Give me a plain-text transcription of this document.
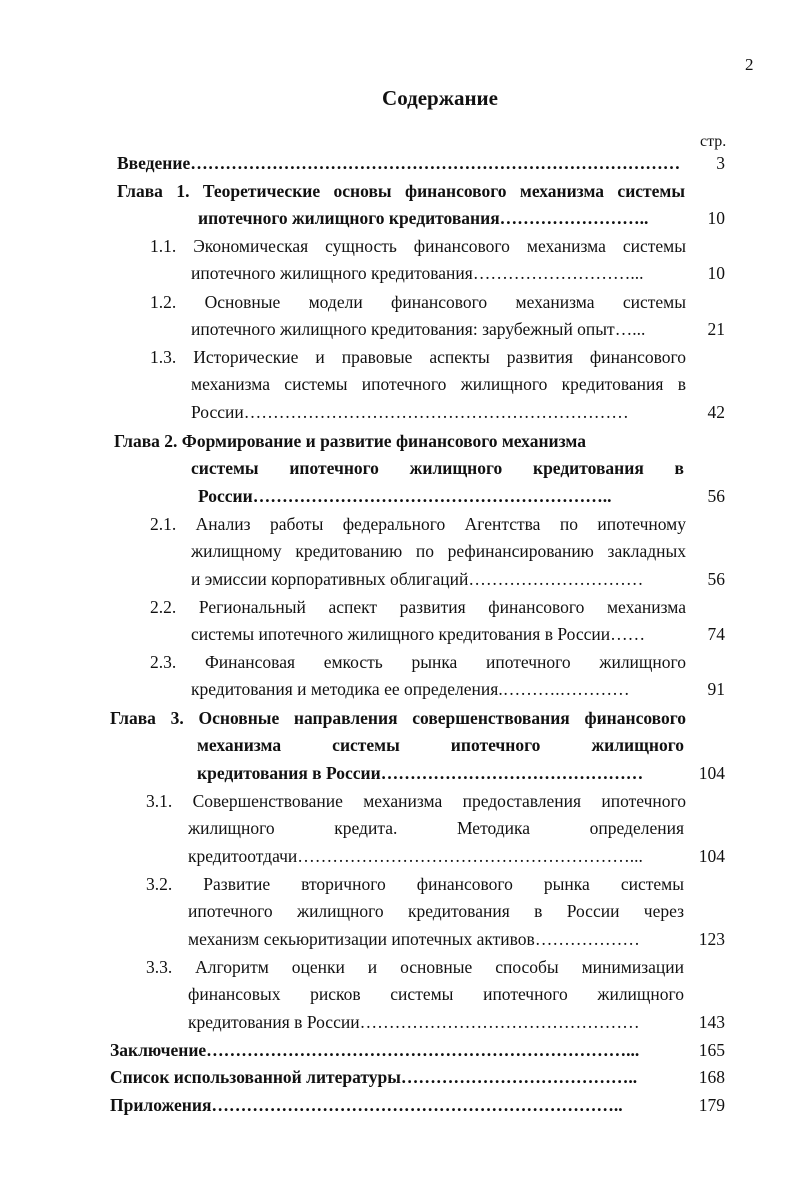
2
Содержание
стр.
Введение…………………………………………………………………………	3
Глава 1. Теоретические основы финансового механизма системы
ипотечного жилищного кредитования……………………..	10
1.1. Экономическая сущность финансового механизма системы
ипотечного жилищного кредитования………………………...	10
1.2. Основные модели финансового механизма системы
ипотечного жилищного кредитования: зарубежный опыт…...	21
1.3. Исторические и правовые аспекты развития финансового
механизма системы ипотечного жилищного кредитования в
России…………………………………………………………	42
Глава 2. Формирование и развитие финансового механизма
системы ипотечного жилищного кредитования в
России……………………………………………………..	56
2.1. Анализ работы федерального Агентства по ипотечному
жилищному кредитованию по рефинансированию закладных
и эмиссии корпоративных облигаций…………………………	56
2.2. Региональный аспект развития финансового механизма
системы ипотечного жилищного кредитования в России……	74
2.3. Финансовая емкость рынка ипотечного жилищного
кредитования и методика ее определения.……….…………	91
Глава 3. Основные направления совершенствования финансового
механизма системы ипотечного жилищного
кредитования в России………………………………………	104
3.1. Совершенствование механизма предоставления ипотечного
жилищного кредита. Методика определения
кредитоотдачи…………………………………………………...	104
3.2. Развитие вторичного финансового рынка системы
ипотечного жилищного кредитования в России через
механизм секьюритизации ипотечных активов………………	123
3.3. Алгоритм оценки и основные способы минимизации
финансовых рисков системы ипотечного жилищного
кредитования в России…………………………………………	143
Заключение………………………………………………………………...	165
Список использованной литературы…………………………………..	168
Приложения……………………………………………………………..	179
